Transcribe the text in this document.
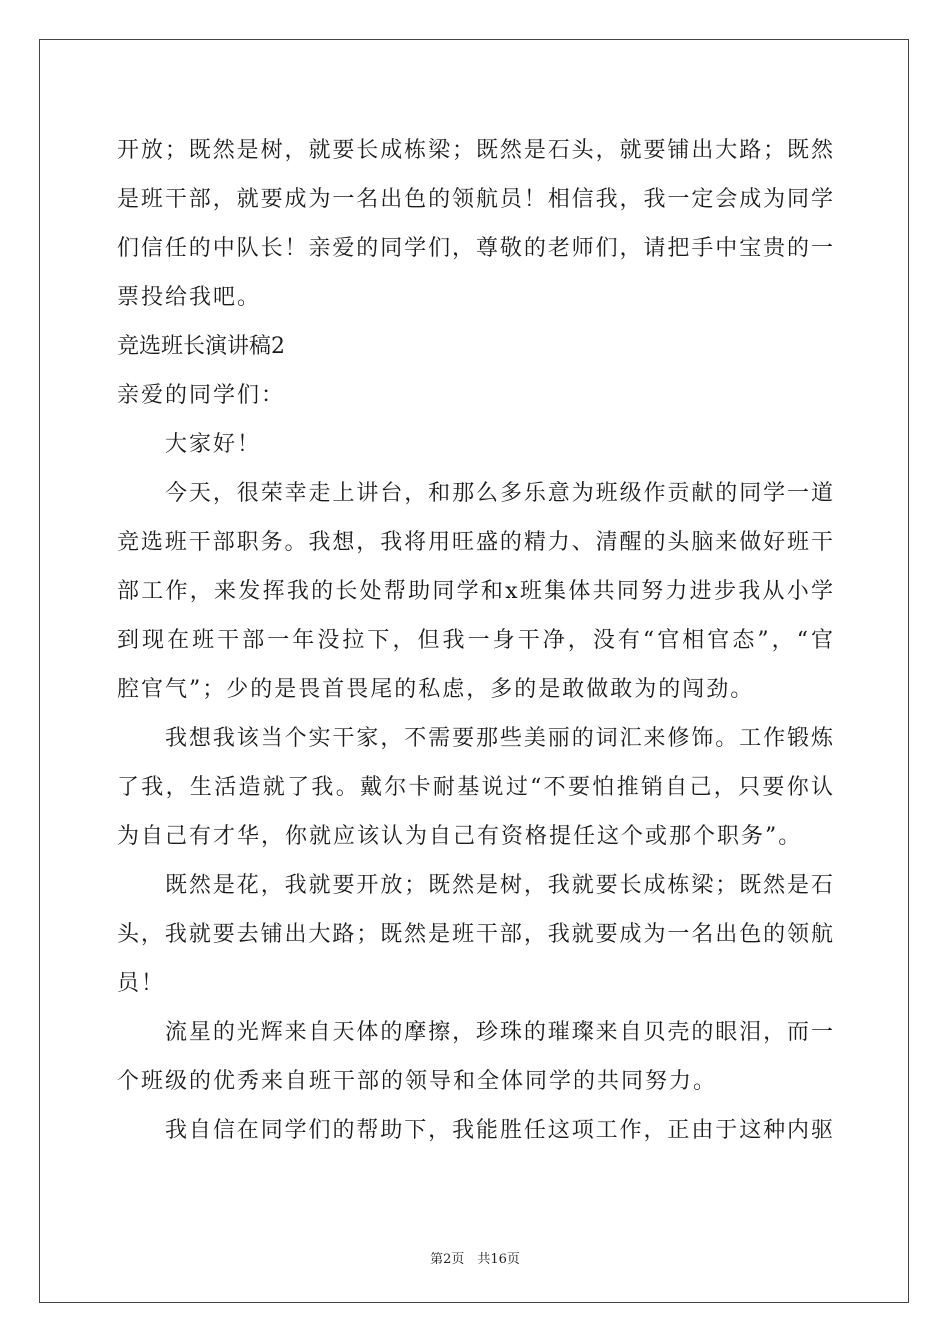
开放；既然是树，就要长成栋梁；既然是石头，就要铺出大路；既然
是班干部，就要成为一名出色的领航员！相信我，我一定会成为同学
们信任的中队长！亲爱的同学们，尊敬的老师们，请把手中宝贵的一
票投给我吧。
竞选班长演讲稿2
亲爱的同学们：
大家好！
今天，很荣幸走上讲台，和那么多乐意为班级作贡献的同学一道
竞选班干部职务。我想，我将用旺盛的精力、清醒的头脑来做好班干
部工作，来发挥我的长处帮助同学和x班集体共同努力进步我从小学
到现在班干部一年没拉下，但我一身干净，没有“官相官态”，“官
腔官气”；少的是畏首畏尾的私虑，多的是敢做敢为的闯劲。
我想我该当个实干家，不需要那些美丽的词汇来修饰。工作锻炼
了我，生活造就了我。戴尔卡耐基说过“不要怕推销自己，只要你认
为自己有才华，你就应该认为自己有资格提任这个或那个职务”。
既然是花，我就要开放；既然是树，我就要长成栋梁；既然是石
头，我就要去铺出大路；既然是班干部，我就要成为一名出色的领航
员！
流星的光辉来自天体的摩擦，珍珠的璀璨来自贝壳的眼泪，而一
个班级的优秀来自班干部的领导和全体同学的共同努力。
我自信在同学们的帮助下，我能胜任这项工作，正由于这种内驱
第2页　共16页
